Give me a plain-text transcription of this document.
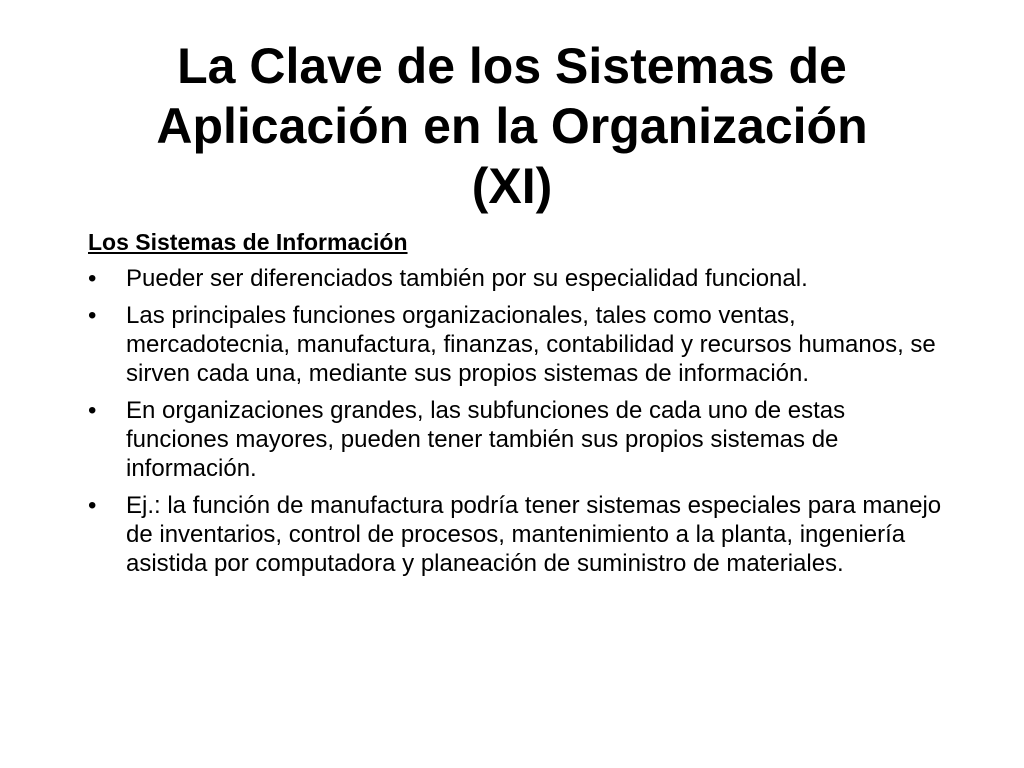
La Clave de los Sistemas de
Aplicación en la Organización
(XI)
Los Sistemas de Información
• Pueder ser diferenciados también por su especialidad funcional.
• Las principales funciones organizacionales, tales como ventas, mercadotecnia, manufactura, finanzas, contabilidad y recursos humanos, se sirven cada una, mediante sus propios sistemas de información.
• En organizaciones grandes, las subfunciones de cada uno de estas funciones mayores, pueden tener también sus propios sistemas de información.
• Ej.: la función de manufactura podría tener sistemas especiales para manejo de inventarios, control de procesos, mantenimiento a la planta, ingeniería asistida por computadora y planeación de suministro de materiales.
